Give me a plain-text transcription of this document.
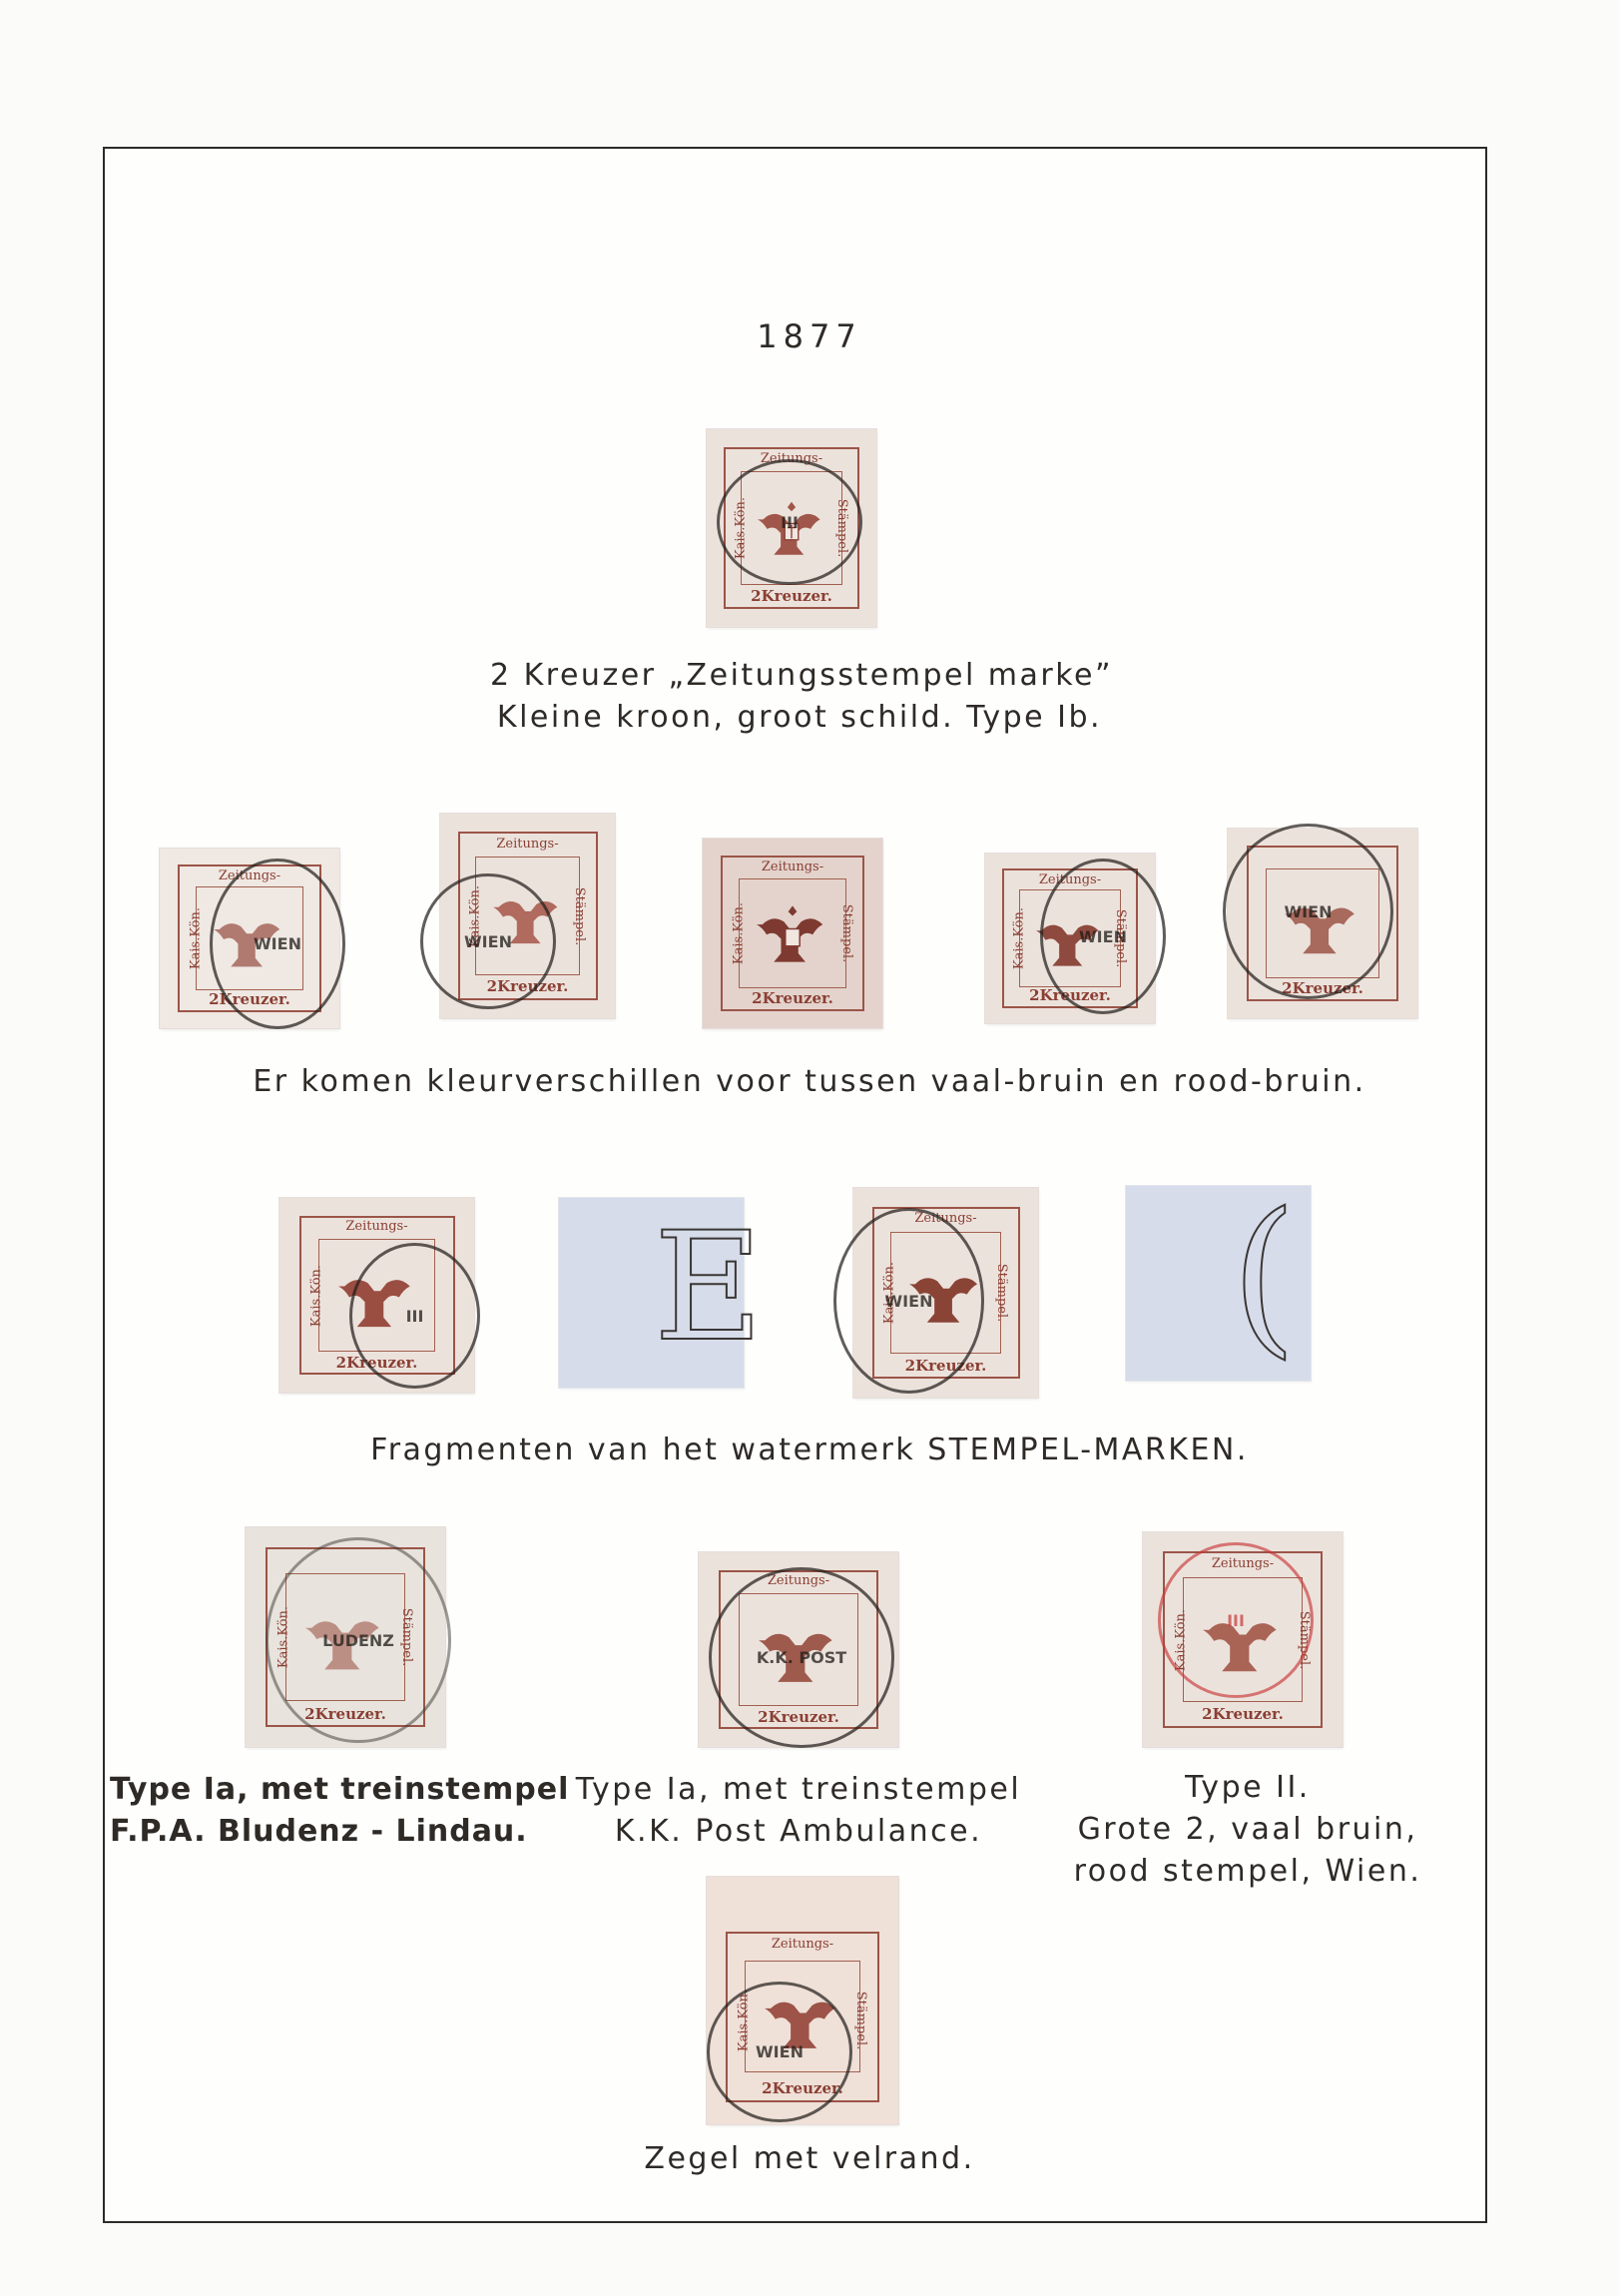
1877
Zeitungs-
Kais.Kön.	Stämpel.
2Kreuzer.
III
2 Kreuzer „Zeitungsstempel marke”
Kleine kroon, groot schild. Type Ib.
Zeitungs-
Kais.Kön.
2Kreuzer.
WIEN
Zeitungs-
Kais.Kön.	Stämpel.
2Kreuzer.
WIEN
Zeitungs-
Kais.Kön.	Stämpel.
2Kreuzer.
Zeitungs-
Kais.Kön.	Stämpel.
2Kreuzer.
WIEN
2Kreuzer.
WIEN
Er komen kleurverschillen voor tussen vaal-bruin en rood-bruin.
Zeitungs-
Kais.Kön.
2Kreuzer.
III E	Zeitungs-
Kais.Kön.	Stämpel.
2Kreuzer.
WIEN (
Fragmenten van het watermerk STEMPEL-MARKEN.
Kais.Kön.	Stämpel.
2Kreuzer.
LUDENZ
Zeitungs-
2Kreuzer.
K.K. POST
Zeitungs-
Kais.Kön.	Stämpel.
2Kreuzer.
III
Type Ia, met treinstempel
F.P.A. Bludenz - Lindau.
Type Ia, met treinstempel
K.K. Post Ambulance.
Type II.
Grote 2, vaal bruin,
rood stempel, Wien.
Zeitungs-
Kais.Kön.	Stämpel.
2Kreuzer.
WIEN
Zegel met velrand.
